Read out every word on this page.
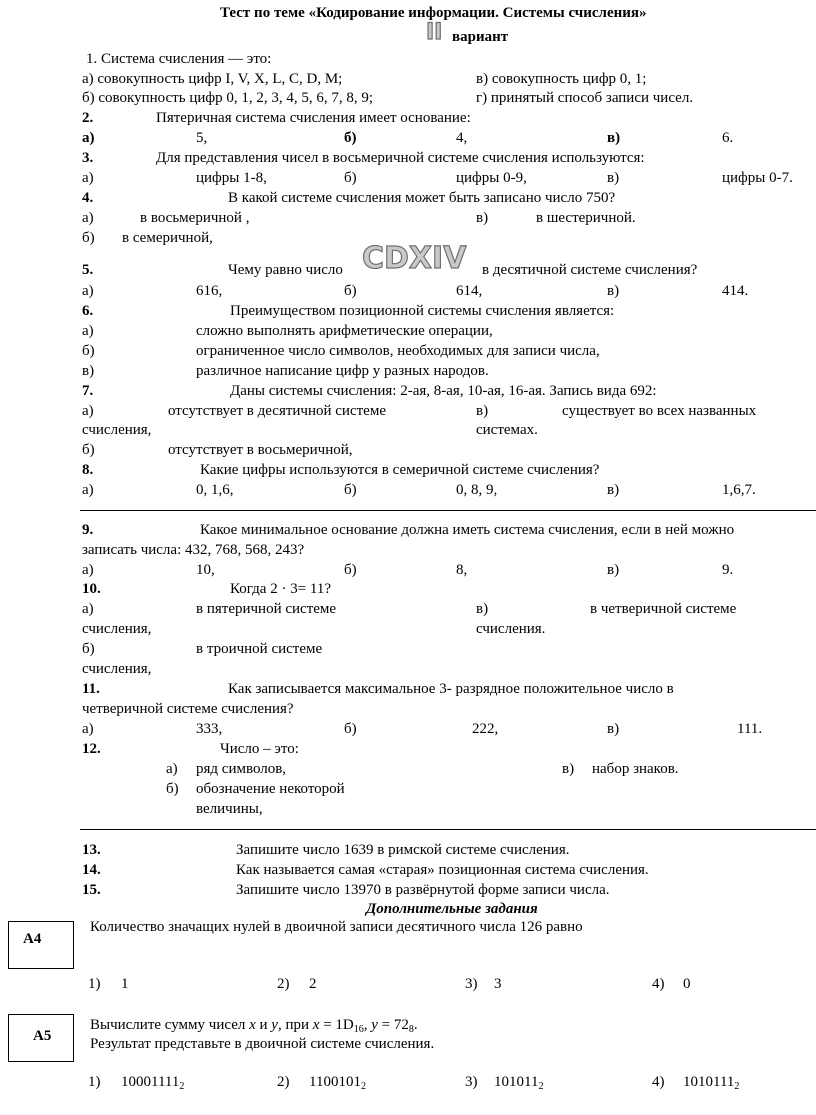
Тест по теме «Кодирование информации. Системы счисления»
II вариант
1. Система счисления — это:
а) совокупность цифр I, V, X, L, C, D, M;	в) совокупность цифр 0, 1;
б) совокупность цифр 0, 1, 2, 3, 4, 5, 6, 7, 8, 9;	г) принятый способ записи чисел.
2.	Пятеричная система счисления имеет основание:
а)	5,	б)	4,	в)	6.
3.	Для представления чисел в восьмеричной системе счисления используются:
а)	цифры 1-8,	б)	цифры 0-9,	в)	цифры 0-7.
4.	В какой системе счисления может быть записано число 750?
а)	в восьмеричной ,	в)	в шестеричной.
б) в семеричной,
5.	Чему равно число CDXIV в десятичной системе счисления?
а)	616,	б)	614,	в)	414.
6.	Преимуществом позиционной системы счисления является:
а)	сложно выполнять арифметические операции,
б)	ограниченное число символов, необходимых для записи числа,
в)	различное написание цифр у разных народов.
7.	Даны системы счисления: 2-ая, 8-ая, 10-ая, 16-ая. Запись вида 692:
а)	отсутствует в десятичной системе
счисления,
в)	существует во всех названных
системах.
б)	отсутствует в восьмеричной,
8.	Какие цифры используются в семеричной системе счисления?
а)	0, 1,6,	б)	0, 8, 9,	в)	1,6,7.
9.	Какое минимальное основание должна иметь система счисления, если в ней можно
записать числа: 432, 768, 568, 243?
а)	10,	б)	8,	в)	9.
10.	Когда 2 · 3= 11?
а)	в пятеричной системе
счисления,
в)	в четверичной системе
счисления.
б)	в троичной системе
счисления,
11.	Как записывается максимальное 3- разрядное положительное число в
четверичной системе счисления?
а)	333,	б)	222,	в)	111.
12.	Число – это:
а) ряд символов,	в) набор знаков.
б) обозначение некоторой
величины,
13.	Запишите число 1639 в римской системе счисления.
14.	Как называется самая «старая» позиционная система счисления.
15.	Запишите число 13970 в развёрнутой форме записи числа.
Дополнительные задания
А4
Количество значащих нулей в двоичной записи десятичного числа 126 равно
1) 1	2) 2	3) 3	4) 0
А5
Вычислите сумму чисел x и y, при $x = 1D_{16}$, $y = 72_8$.
Результат представьте в двоичной системе счисления.
1) $10001111_2$	2) $1100101_2$	3) $101011_2$	4) $1010111_2$
